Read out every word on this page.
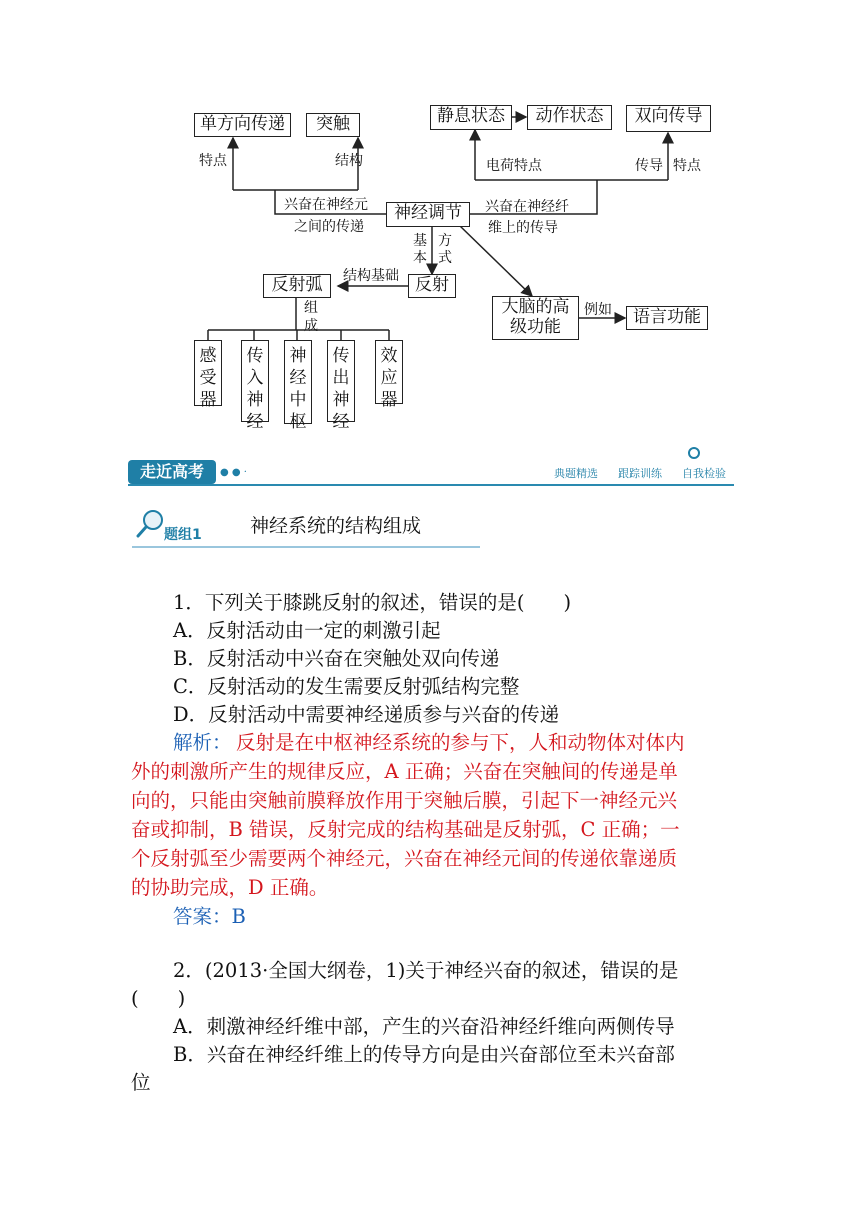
单方向传递	突触	静息状态	动作状态	双向传导
特点	结构	电荷特点	传导 特点
兴奋在神经元
之间的传递
神经调节	兴奋在神经纤
维上的传导
基
本
方
式
反射弧	结构基础 反射
组
成
大脑的高
级功能
例如	语言功能
感
受
器
传
入
神
经
神
经
中
枢
传
出
神
经
效
应
器
走近高考	● ● ·	典题精选 跟踪训练 自我检验
题组1	神经系统的结构组成
1．下列关于膝跳反射的叙述，错误的是(　　)
A．反射活动由一定的刺激引起
B．反射活动中兴奋在突触处双向传递
C．反射活动的发生需要反射弧结构完整
D．反射活动中需要神经递质参与兴奋的传递
解析： 反射是在中枢神经系统的参与下，人和动物体对体内
外的刺激所产生的规律反应，A 正确；兴奋在突触间的传递是单
向的，只能由突触前膜释放作用于突触后膜，引起下一神经元兴
奋或抑制，B 错误，反射完成的结构基础是反射弧，C 正确；一
个反射弧至少需要两个神经元，兴奋在神经元间的传递依靠递质
的协助完成，D 正确。
答案：B
2．(2013·全国大纲卷，1)关于神经兴奋的叙述，错误的是
(　　)
A．刺激神经纤维中部，产生的兴奋沿神经纤维向两侧传导
B．兴奋在神经纤维上的传导方向是由兴奋部位至未兴奋部
位
